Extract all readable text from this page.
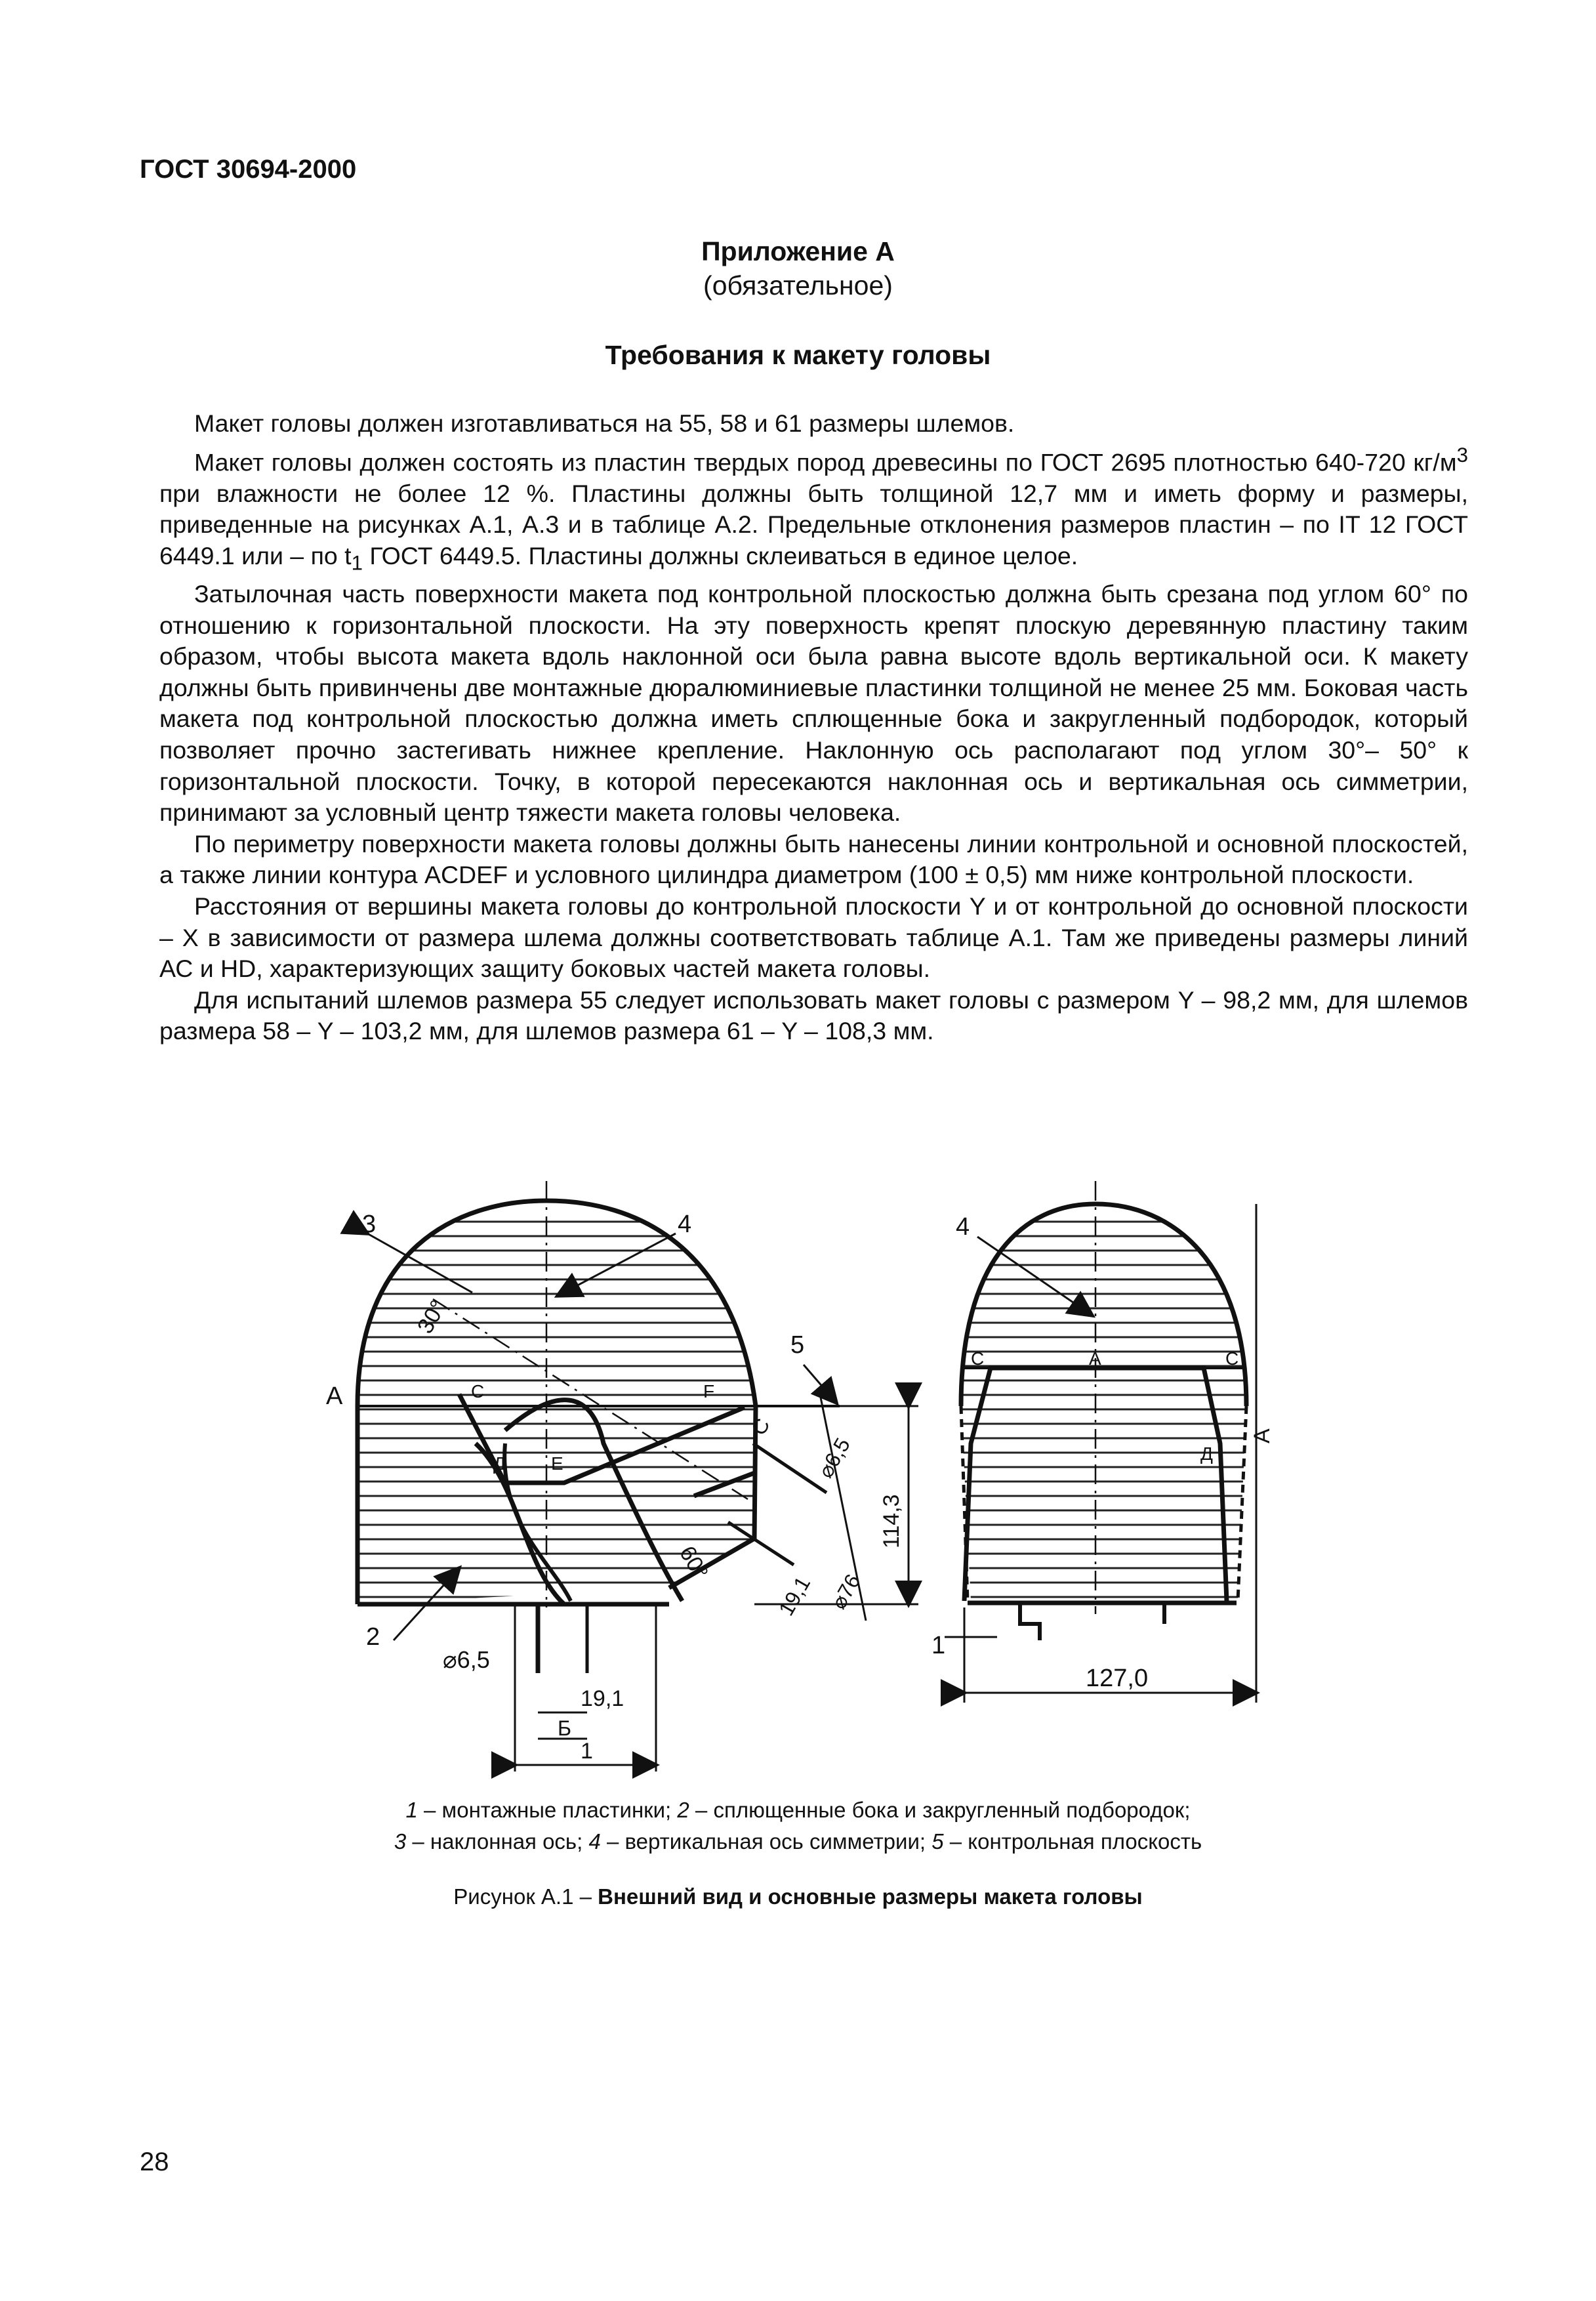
ГОСТ 30694-2000
Приложение А
(обязательное)
Требования к макету головы

Макет головы должен изготавливаться на 55, 58 и 61 размеры шлемов.

Макет головы должен состоять из пластин твердых пород древесины по ГОСТ 2695 плотностью 640-720 $кг/м^3$ при влажности не более 12 %. Пластины должны быть толщиной 12,7 мм и иметь форму и размеры, приведенные на рисунках А.1, А.3 и в таблице А.2. Предельные отклонения размеров пластин – по IT 12 ГОСТ 6449.1 или – по $t_1$ ГОСТ 6449.5. Пластины должны склеиваться в единое целое.

Затылочная часть поверхности макета под контрольной плоскостью должна быть срезана под углом 60° по отношению к горизонтальной плоскости. На эту поверхность крепят плоскую деревянную пластину таким образом, чтобы высота макета вдоль наклонной оси была равна высоте вдоль вертикальной оси. К макету должны быть привинчены две монтажные дюралюминиевые пластинки толщиной не менее 25 мм. Боковая часть макета под контрольной плоскостью должна иметь сплющенные бока и закругленный подбородок, который позволяет прочно застегивать нижнее крепление. Наклонную ось располагают под углом 30°– 50° к горизонтальной плоскости. Точку, в которой пересекаются наклонная ось и вертикальная ось симметрии, принимают за условный центр тяжести макета головы человека.

По периметру поверхности макета головы должны быть нанесены линии контрольной и основной плоскостей, а также линии контура ACDEF и условного цилиндра диаметром (100 ± 0,5) мм ниже контрольной плоскости.

Расстояния от вершины макета головы до контрольной плоскости Y и от контрольной до основной плоскости – X в зависимости от размера шлема должны соответствовать таблице А.1. Там же приведены размеры линий АС и HD, характеризующих защиту боковых частей макета головы.

Для испытаний шлемов размера 55 следует использовать макет головы с размером Y – 98,2 мм, для шлемов размера 58 – Y – 103,2 мм, для шлемов размера 61 – Y – 108,3 мм.

3	4
5
A	C	F
Д Е
2
30°
60°
C
⌀6,5
19,1 ⌀76
114,3
⌀6,5
19,1
Б
1
4
C	A	C
Д
A
1
127,0
1 – монтажные пластинки; 2 – сплющенные бока и закругленный подбородок;
3 – наклонная ось; 4 – вертикальная ось симметрии; 5 – контрольная плоскость
Рисунок А.1 – Внешний вид и основные размеры макета головы
28
